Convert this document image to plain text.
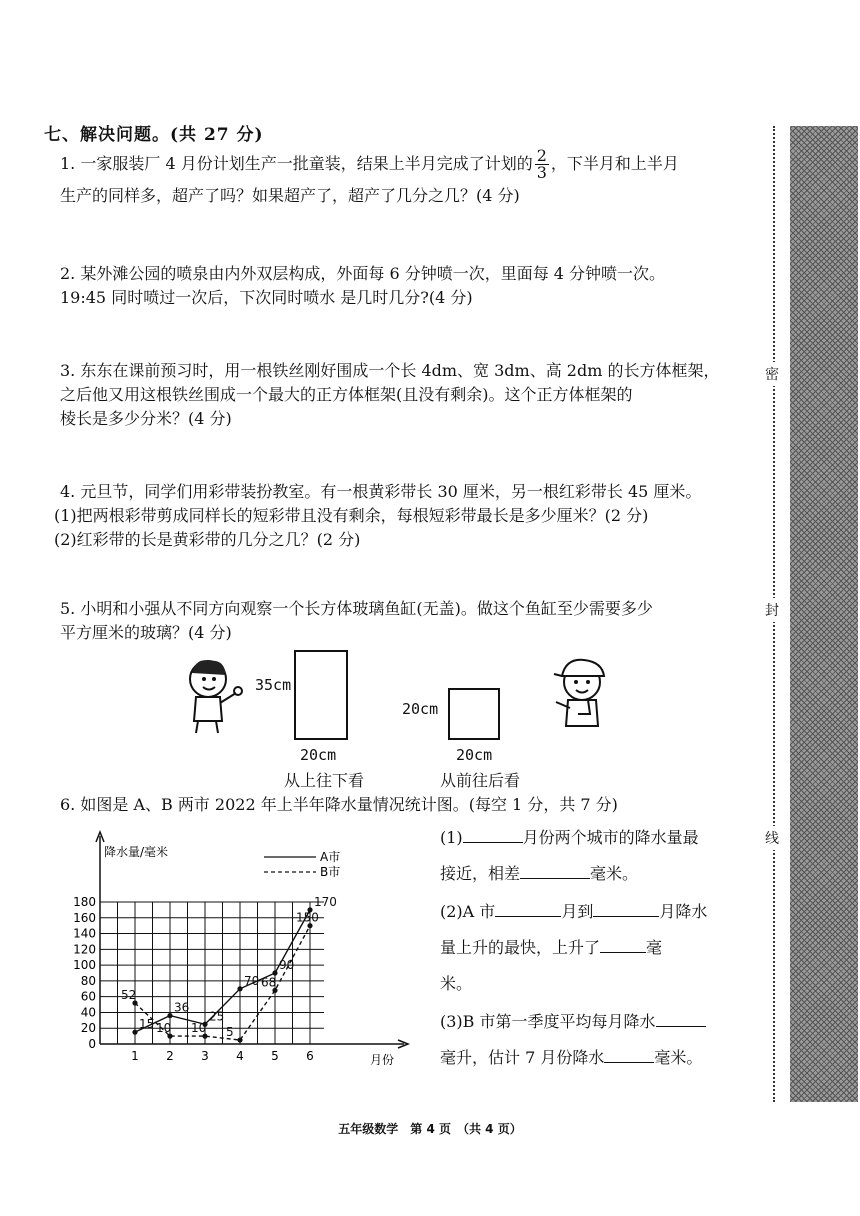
七、解决问题。(共 27 分)
1. 一家服装厂 4 月份计划生产一批童装，结果上半月完成了计划的 $\frac{2}{3}$ ，下半月和上半月
生产的同样多，超产了吗？如果超产了，超产了几分之几？(4 分)
2. 某外滩公园的喷泉由内外双层构成，外面每 6 分钟喷一次，里面每 4 分钟喷一次。
19:45 同时喷过一次后，下次同时喷水 是几时几分?(4 分)
3. 东东在课前预习时，用一根铁丝刚好围成一个长 4dm、宽 3dm、高 2dm 的长方体框架，
之后他又用这根铁丝围成一个最大的正方体框架(且没有剩余)。这个正方体框架的
棱长是多少分米？(4 分)
4. 元旦节，同学们用彩带装扮教室。有一根黄彩带长 30 厘米，另一根红彩带长 45 厘米。
(1)把两根彩带剪成同样长的短彩带且没有剩余，每根短彩带最长是多少厘米？(2 分)
(2)红彩带的长是黄彩带的几分之几？(2 分)
5. 小明和小强从不同方向观察一个长方体玻璃鱼缸(无盖)。做这个鱼缸至少需要多少
平方厘米的玻璃？(4 分)
35cm
20cm
从上往下看
20cm
20cm
从前往后看
6. 如图是 A、B 两市 2022 年上半年降水量情况统计图。(每空 1 分，共 7 分)
降水量/毫米
月份
A市
B市
0
20
40
60
80
100
120
140
160
180
1 2 3 4 5 6
15
36
25
70
90
170
52
10 10 5
68
150
(1)	月份两个城市的降水量最
接近，相差	毫米。
(2)A 市	月到	月降水
量上升的最快，上升了	毫
米。
(3)B 市第一季度平均每月降水
毫升，估计 7 月份降水	毫米。
密
封
线
五年级数学　第 4 页　（共 4 页）
